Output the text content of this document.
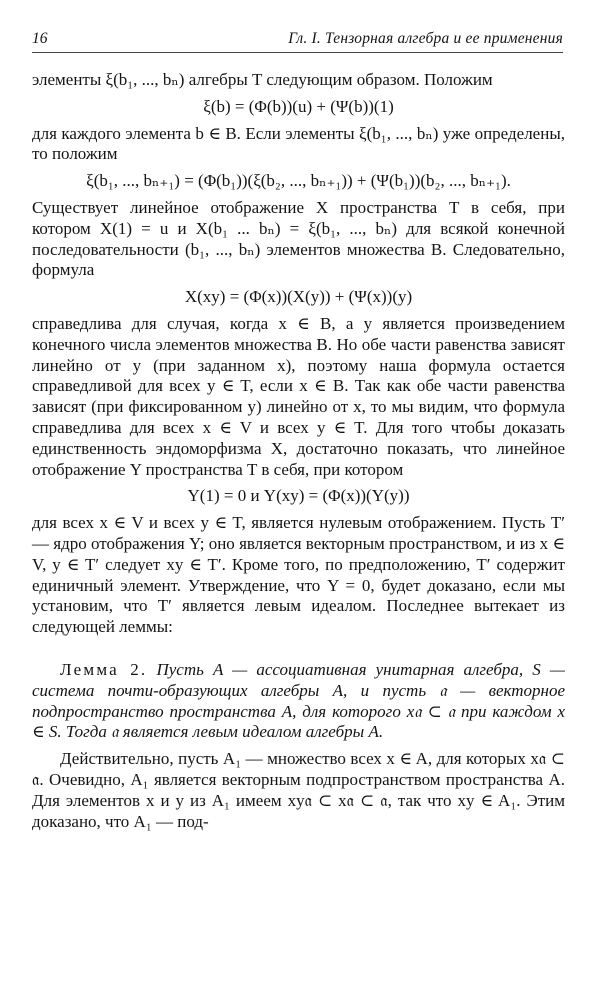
16	Гл. I. Тензорная алгебра и ее применения

элементы ξ(b₁, ..., bₙ) алгебры T следующим образом. Положим

ξ(b) = (Φ(b))(u) + (Ψ(b))(1)

для каждого элемента b ∈ B. Если элементы ξ(b₁, ..., bₙ) уже определены, то положим

ξ(b₁, ..., bₙ₊₁) = (Φ(b₁))(ξ(b₂, ..., bₙ₊₁)) + (Ψ(b₁))(b₂, ..., bₙ₊₁).

Существует линейное отображение X пространства T в себя, при котором X(1) = u и X(b₁ ... bₙ) = ξ(b₁, ..., bₙ) для всякой конечной последовательности (b₁, ..., bₙ) элементов множества B. Следовательно, формула

X(xy) = (Φ(x))(X(y)) + (Ψ(x))(y)

справедлива для случая, когда x ∈ B, а y является произведением конечного числа элементов множества B. Но обе части равенства зависят линейно от y (при заданном x), поэтому наша формула остается справедливой для всех y ∈ T, если x ∈ B. Так как обе части равенства зависят (при фиксированном y) линейно от x, то мы видим, что формула справедлива для всех x ∈ V и всех y ∈ T. Для того чтобы доказать единственность эндоморфизма X, достаточно показать, что линейное отображение Y пространства T в себя, при котором

Y(1) = 0 и Y(xy) = (Φ(x))(Y(y))

для всех x ∈ V и всех y ∈ T, является нулевым отображением. Пусть T′ — ядро отображения Y; оно является векторным пространством, и из x ∈ V, y ∈ T′ следует xy ∈ T′. Кроме того, по предположению, T′ содержит единичный элемент. Утверждение, что Y = 0, будет доказано, если мы установим, что T′ является левым идеалом. Последнее вытекает из следующей леммы:

Лемма 2. Пусть A — ассоциативная унитарная алгебра, S — система почти-образующих алгебры A, и пусть 𝔞 — векторное подпространство пространства A, для которого x𝔞 ⊂ 𝔞 при каждом x ∈ S. Тогда 𝔞 является левым идеалом алгебры A.

Действительно, пусть A₁ — множество всех x ∈ A, для которых x𝔞 ⊂ 𝔞. Очевидно, A₁ является векторным подпространством пространства A. Для элементов x и y из A₁ имеем xy𝔞 ⊂ x𝔞 ⊂ 𝔞, так что xy ∈ A₁. Этим доказано, что A₁ — под-
